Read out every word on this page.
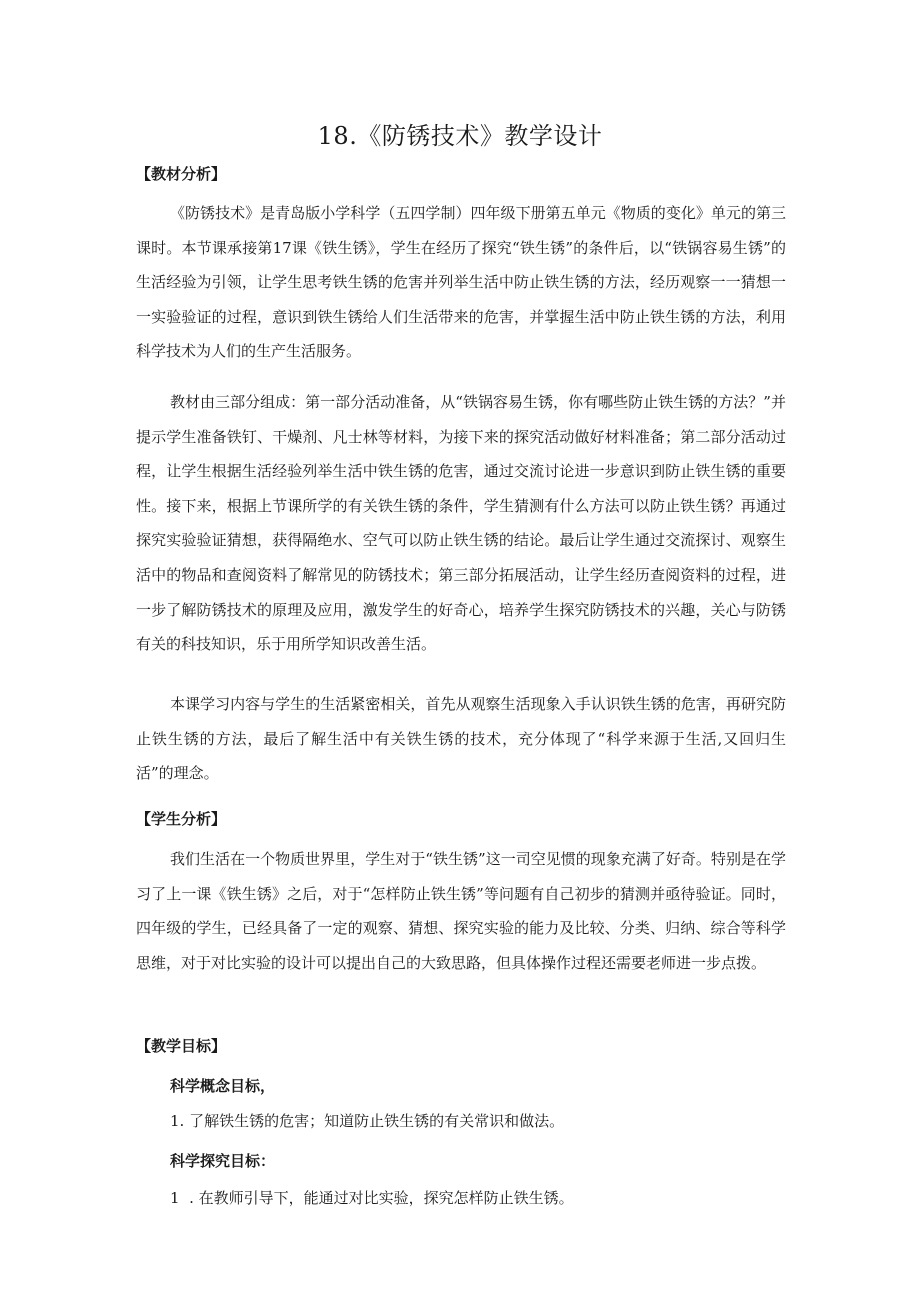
18.《防锈技术》教学设计
【教材分析】

《防锈技术》是青岛版小学科学（五四学制）四年级下册第五单元《物质的变化》单元的第三课时。本节课承接第17课《铁生锈》，学生在经历了探究“铁生锈”的条件后，以“铁锅容易生锈”的生活经验为引领，让学生思考铁生锈的危害并列举生活中防止铁生锈的方法，经历观察一一猜想一一实验验证的过程，意识到铁生锈给人们生活带来的危害，并掌握生活中防止铁生锈的方法，利用科学技术为人们的生产生活服务。

教材由三部分组成：第一部分活动准备，从“铁锅容易生锈，你有哪些防止铁生锈的方法？”并提示学生准备铁钉、干燥剂、凡士林等材料，为接下来的探究活动做好材料准备；第二部分活动过程，让学生根据生活经验列举生活中铁生锈的危害，通过交流讨论进一步意识到防止铁生锈的重要性。接下来，根据上节课所学的有关铁生锈的条件，学生猜测有什么方法可以防止铁生锈？再通过探究实验验证猜想，获得隔绝水、空气可以防止铁生锈的结论。最后让学生通过交流探讨、观察生活中的物品和查阅资料了解常见的防锈技术；第三部分拓展活动，让学生经历查阅资料的过程，进一步了解防锈技术的原理及应用，激发学生的好奇心，培养学生探究防锈技术的兴趣，关心与防锈有关的科技知识，乐于用所学知识改善生活。

本课学习内容与学生的生活紧密相关，首先从观察生活现象入手认识铁生锈的危害，再研究防止铁生锈的方法，最后了解生活中有关铁生锈的技术，充分体现了“科学来源于生活,又回归生活”的理念。

【学生分析】

我们生活在一个物质世界里，学生对于“铁生锈”这一司空见惯的现象充满了好奇。特别是在学习了上一课《铁生锈》之后，对于“怎样防止铁生锈”等问题有自己初步的猜测并亟待验证。同时，四年级的学生，已经具备了一定的观察、猜想、探究实验的能力及比较、分类、归纳、综合等科学思维，对于对比实验的设计可以提出自己的大致思路，但具体操作过程还需要老师进一步点拨。

【教学目标】
科学概念目标，
1. 了解铁生锈的危害；知道防止铁生锈的有关常识和做法。
科学探究目标：
1  . 在教师引导下，能通过对比实验，探究怎样防止铁生锈。
